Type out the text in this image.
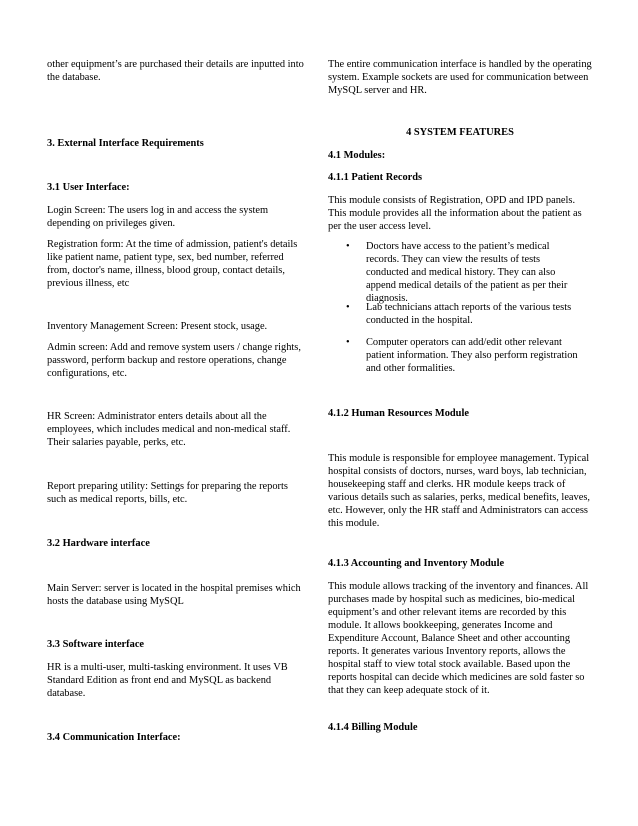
other equipment’s are purchased their details are inputted into the database.

3. External Interface Requirements

3.1 User Interface:

Login Screen: The users log in and access the system depending on privileges given.

Registration form: At the time of admission, patient's details like patient name, patient type, sex, bed number, referred from, doctor's name, illness, blood group, contact details, previous illness, etc

Inventory Management Screen: Present stock, usage.

Admin screen: Add and remove system users / change rights, password, perform backup and restore operations, change configurations, etc.

HR Screen: Administrator enters details about all the employees, which includes medical and non-medical staff. Their salaries payable, perks, etc.

Report preparing utility: Settings for preparing the reports such as medical reports, bills, etc.

3.2 Hardware interface

Main Server: server is located in the hospital premises which hosts the database using MySQL

3.3 Software interface

HR is a multi-user, multi-tasking environment. It uses VB Standard Edition as front end and MySQL as backend database.

3.4 Communication Interface:

The entire communication interface is handled by the operating system. Example sockets are used for communication between MySQL server and HR.

4 SYSTEM FEATURES

4.1 Modules:

4.1.1 Patient Records

This module consists of Registration, OPD and IPD panels. This module provides all the information about the patient as per the user access level.

• Doctors have access to the patient’s medical records. They can view the results of tests conducted and medical history. They can also append medical details of the patient as per their diagnosis.
• Lab technicians attach reports of the various tests conducted in the hospital.
• Computer operators can add/edit other relevant patient information. They also perform registration and other formalities.

4.1.2 Human Resources Module

This module is responsible for employee management. Typical hospital consists of doctors, nurses, ward boys, lab technician, housekeeping staff and clerks. HR module keeps track of various details such as salaries, perks, medical benefits, leaves, etc. However, only the HR staff and Administrators can access this module.

4.1.3 Accounting and Inventory Module

This module allows tracking of the inventory and finances. All purchases made by hospital such as medicines, bio-medical equipment’s and other relevant items are recorded by this module. It allows bookkeeping, generates Income and Expenditure Account, Balance Sheet and other accounting reports. It generates various Inventory reports, allows the hospital staff to view total stock available. Based upon the reports hospital can decide which medicines are sold faster so that they can keep adequate stock of it.

4.1.4 Billing Module
